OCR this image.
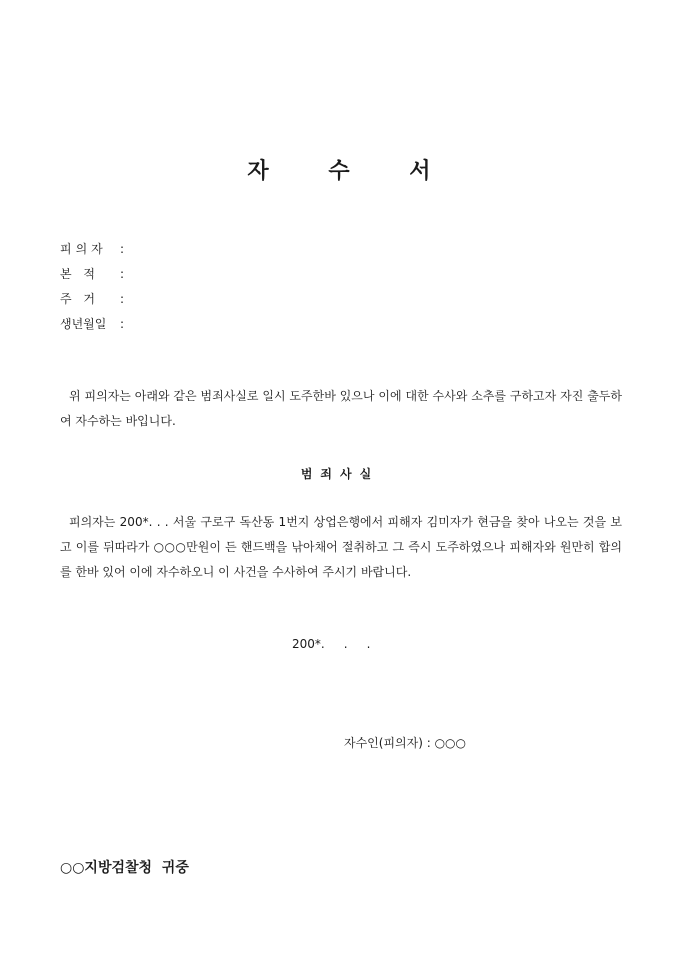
자	수	서
피의자 :
본 적 :
주 거 :
생년월일 :

위 피의자는 아래와 같은 범죄사실로 일시 도주한바 있으나 이에 대한 수사와 소추를 구하고자 자진 출두하여 자수하는 바입니다.

범죄사실

피의자는 200*. . . 서울 구로구 독산동 1번지 상업은행에서 피해자 김미자가 현금을 찾아 나오는 것을 보고 이를 뒤따라가 ○○○만원이 든 핸드백을 낚아채어 절취하고 그 즉시 도주하였으나 피해자와 원만히 합의를 한바 있어 이에 자수하오니 이 사건을 수사하여 주시기 바랍니다.

200*.     .     .
자수인(피의자) : ○○○
○○지방검찰청  귀중
